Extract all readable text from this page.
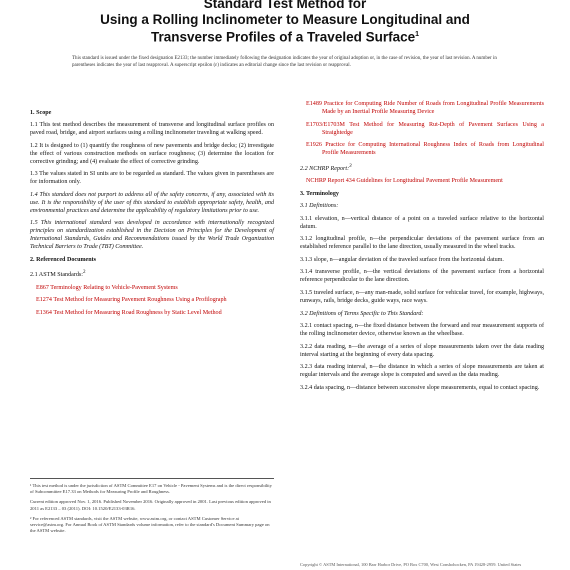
Standard Test Method for
Using a Rolling Inclinometer to Measure Longitudinal and
Transverse Profiles of a Traveled Surface$^1$
This standard is issued under the fixed designation E2133; the number immediately following the designation indicates the year of original adoption or, in the case of revision, the year of last revision. A number in parentheses indicates the year of last reapproval. A superscript epsilon (ε) indicates an editorial change since the last revision or reapproval.

1. Scope

1.1 This test method describes the measurement of transverse and longitudinal surface profiles on paved road, bridge, and airport surfaces using a rolling inclinometer traveling at walking speed.

1.2 It is designed to (1) quantify the roughness of new pavements and bridge decks; (2) investigate the effect of various construction methods on surface roughness; (3) determine the location for corrective grinding; and (4) evaluate the effect of corrective grinding.

1.3 The values stated in SI units are to be regarded as standard. The values given in parentheses are for information only.

1.4 This standard does not purport to address all of the safety concerns, if any, associated with its use. It is the responsibility of the user of this standard to establish appropriate safety, health, and environmental practices and determine the applicability of regulatory limitations prior to use.

1.5 This international standard was developed in accordance with internationally recognized principles on standardization established in the Decision on Principles for the Development of International Standards, Guides and Recommendations issued by the World Trade Organization Technical Barriers to Trade (TBT) Committee.

2. Referenced Documents

2.1 ASTM Standards:$^2$

E867 Terminology Relating to Vehicle-Pavement Systems

E1274 Test Method for Measuring Pavement Roughness Using a Profilograph

E1364 Test Method for Measuring Road Roughness by Static Level Method

E1489 Practice for Computing Ride Number of Roads from Longitudinal Profile Measurements Made by an Inertial Profile Measuring Device

E1703/E1703M Test Method for Measuring Rut-Depth of Pavement Surfaces Using a Straightedge

E1926 Practice for Computing International Roughness Index of Roads from Longitudinal Profile Measurements

2.2 NCHRP Report:$^3$

NCHRP Report 434 Guidelines for Longitudinal Pavement Profile Measurement

3. Terminology

3.1 Definitions:

3.1.1 elevation, n—vertical distance of a point on a traveled surface relative to the horizontal datum.

3.1.2 longitudinal profile, n—the perpendicular deviations of the pavement surface from an established reference parallel to the lane direction, usually measured in the wheel tracks.

3.1.3 slope, n—angular deviation of the traveled surface from the horizontal datum.

3.1.4 transverse profile, n—the vertical deviations of the pavement surface from a horizontal reference perpendicular to the lane direction.

3.1.5 traveled surface, n—any man-made, solid surface for vehicular travel, for example, highways, runways, rails, bridge decks, guide ways, race ways.

3.2 Definitions of Terms Specific to This Standard:

3.2.1 contact spacing, n—the fixed distance between the forward and rear measurement supports of the rolling inclinometer device, otherwise known as the wheelbase.

3.2.2 data reading, n—the average of a series of slope measurements taken over the data reading interval starting at the beginning of every data spacing.

3.2.3 data reading interval, n—the distance in which a series of slope measurements are taken at regular intervals and the average slope is computed and saved as the data reading.

3.2.4 data spacing, n—distance between successive slope measurements, equal to contact spacing.

¹ This test method is under the jurisdiction of ASTM Committee E17 on Vehicle - Pavement Systems and is the direct responsibility of Subcommittee E17.33 on Methods for Measuring Profile and Roughness.

Current edition approved Nov. 1, 2016. Published November 2016. Originally approved in 2001. Last previous edition approved in 2011 as E2133 – 03 (2011). DOI: 10.1520/E2133-03R16.

² For referenced ASTM standards, visit the ASTM website, www.astm.org, or contact ASTM Customer Service at service@astm.org. For Annual Book of ASTM Standards volume information, refer to the standard's Document Summary page on the ASTM website.

Copyright © ASTM International, 100 Barr Harbor Drive, PO Box C700, West Conshohocken, PA 19428-2959. United States
